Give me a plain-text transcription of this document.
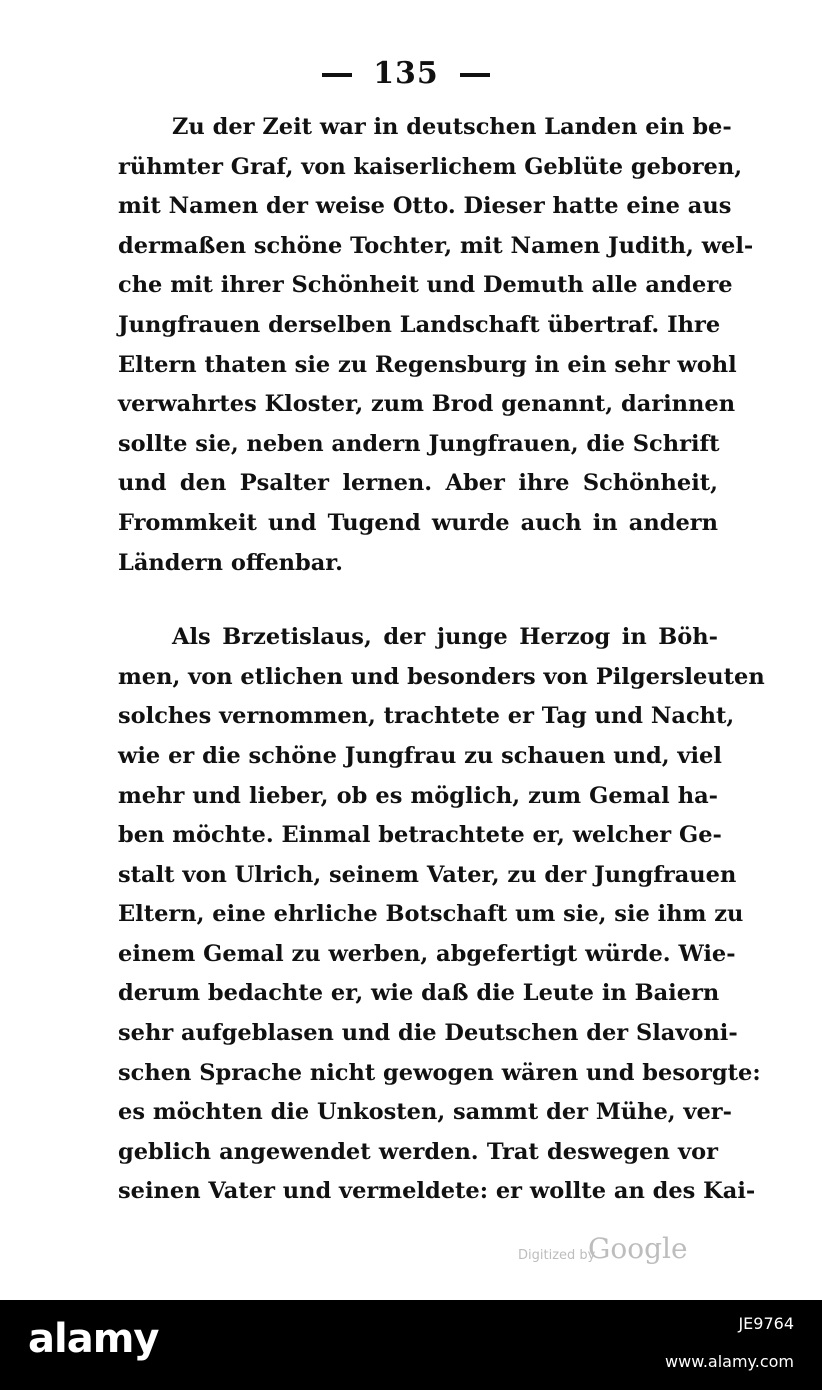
135
Zu der Zeit war in deutschen Landen ein be-
rühmter Graf, von kaiserlichem Geblüte geboren,
mit Namen der weise Otto. Dieser hatte eine aus
dermaßen schöne Tochter, mit Namen Judith, wel-
che mit ihrer Schönheit und Demuth alle andere
Jungfrauen derselben Landschaft übertraf. Ihre
Eltern thaten sie zu Regensburg in ein sehr wohl
verwahrtes Kloster, zum Brod genannt, darinnen
sollte sie, neben andern Jungfrauen, die Schrift
und den Psalter lernen. Aber ihre Schönheit,
Frommkeit und Tugend wurde auch in andern
Ländern offenbar.
Als Brzetislaus, der junge Herzog in Böh-
men, von etlichen und besonders von Pilgersleuten
solches vernommen, trachtete er Tag und Nacht,
wie er die schöne Jungfrau zu schauen und, viel
mehr und lieber, ob es möglich, zum Gemal ha-
ben möchte. Einmal betrachtete er, welcher Ge-
stalt von Ulrich, seinem Vater, zu der Jungfrauen
Eltern, eine ehrliche Botschaft um sie, sie ihm zu
einem Gemal zu werben, abgefertigt würde. Wie-
derum bedachte er, wie daß die Leute in Baiern
sehr aufgeblasen und die Deutschen der Slavoni-
schen Sprache nicht gewogen wären und besorgte:
es möchten die Unkosten, sammt der Mühe, ver-
geblich angewendet werden. Trat deswegen vor
seinen Vater und vermeldete: er wollte an des Kai-
Digitized by
Google
alamy	JE9764
www.alamy.com
